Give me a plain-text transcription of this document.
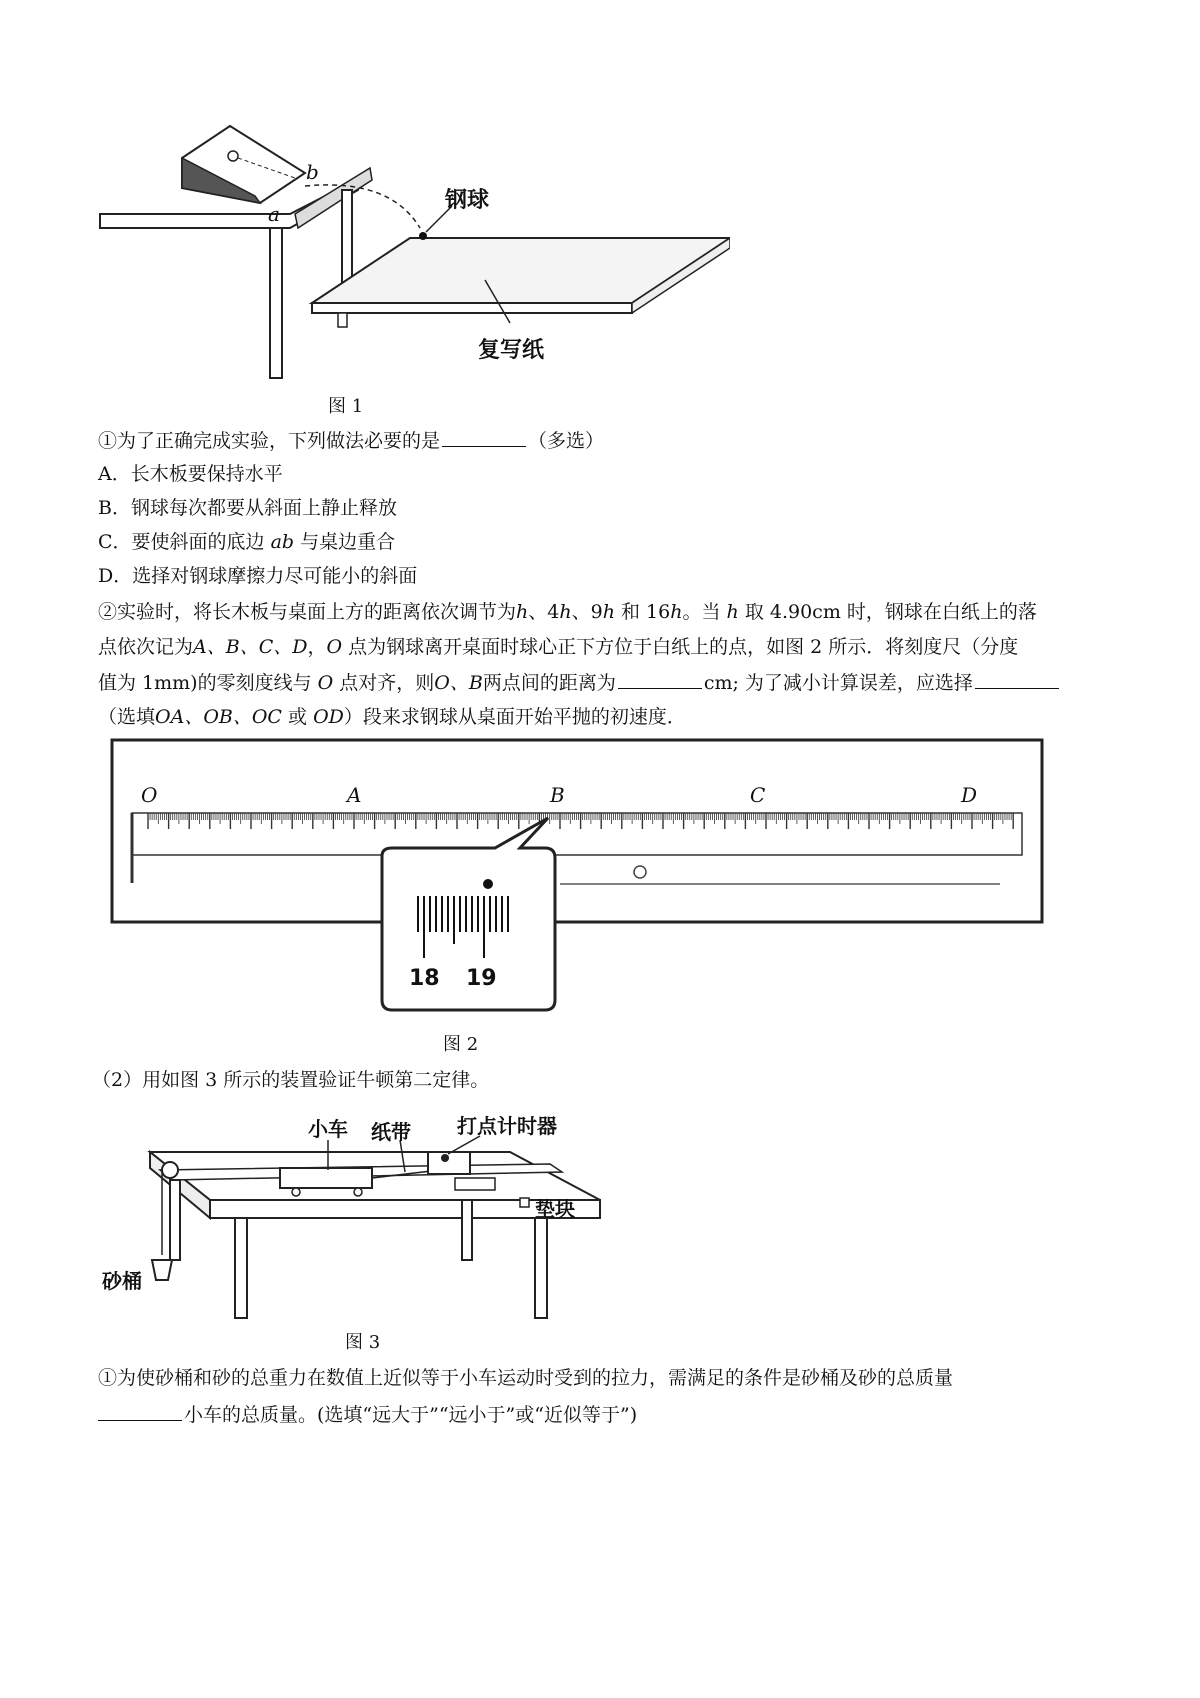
a
b
钢球
复写纸
图 1
①为了正确完成实验，下列做法必要的是	（多选）
A．长木板要保持水平
B．钢球每次都要从斜面上静止释放
C．要使斜面的底边 ab 与桌边重合
D．选择对钢球摩擦力尽可能小的斜面
②实验时，将长木板与桌面上方的距离依次调节为h、4h、9h 和 16h。当 h 取 4.90cm 时，钢球在白纸上的落
点依次记为A、B、C、D，O 点为钢球离开桌面时球心正下方位于白纸上的点，如图 2 所示．将刻度尺（分度
值为 1mm)的零刻度线与 O 点对齐，则O、B两点间的距离为	cm; 为了减小计算误差，应选择
（选填OA、OB、OC 或 OD）段来求钢球从桌面开始平抛的初速度．
O	A	B	C	D
18 19
图 2
（2）用如图 3 所示的装置验证牛顿第二定律。
小车 纸带 打点计时器
垫块
砂桶
图 3
①为使砂桶和砂的总重力在数值上近似等于小车运动时受到的拉力，需满足的条件是砂桶及砂的总质量
小车的总质量。(选填“远大于”“远小于”或“近似等于”)
